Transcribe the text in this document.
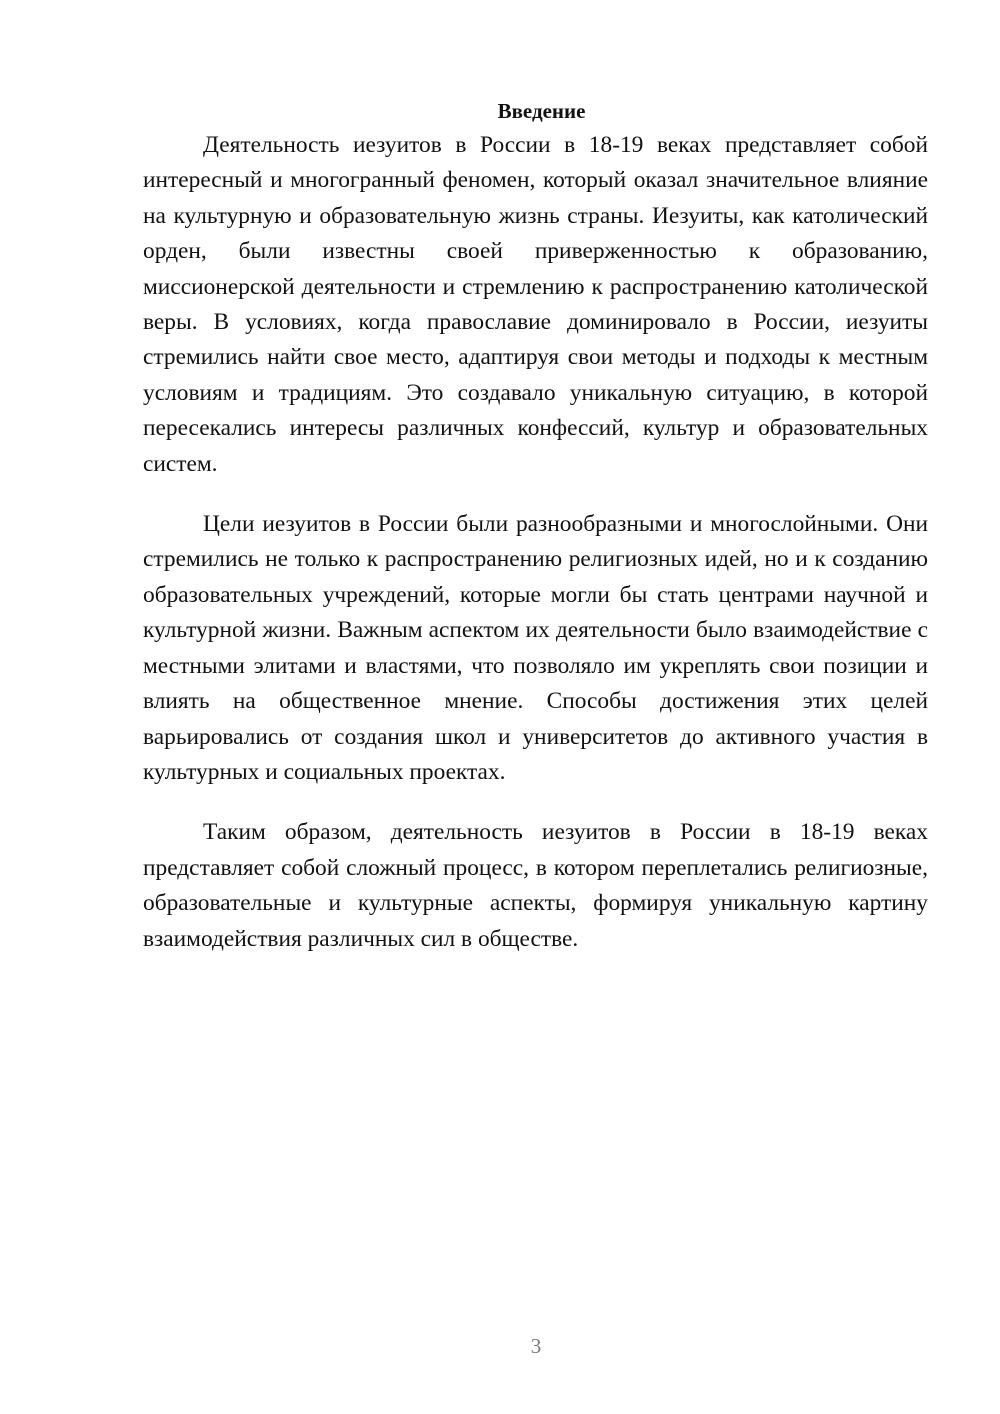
Введение

Деятельность иезуитов в России в 18-19 веках представляет собой интересный и многогранный феномен, который оказал значительное влияние на культурную и образовательную жизнь страны. Иезуиты, как католический орден, были известны своей приверженностью к образованию, миссионерской деятельности и стремлению к распространению католической веры. В условиях, когда православие доминировало в России, иезуиты стремились найти свое место, адаптируя свои методы и подходы к местным условиям и традициям. Это создавало уникальную ситуацию, в которой пересекались интересы различных конфессий, культур и образовательных систем.

Цели иезуитов в России были разнообразными и многослойными. Они стремились не только к распространению религиозных идей, но и к созданию образовательных учреждений, которые могли бы стать центрами научной и культурной жизни. Важным аспектом их деятельности было взаимодействие с местными элитами и властями, что позволяло им укреплять свои позиции и влиять на общественное мнение. Способы достижения этих целей варьировались от создания школ и университетов до активного участия в культурных и социальных проектах.

Таким образом, деятельность иезуитов в России в 18-19 веках представляет собой сложный процесс, в котором переплетались религиозные, образовательные и культурные аспекты, формируя уникальную картину взаимодействия различных сил в обществе.

3
